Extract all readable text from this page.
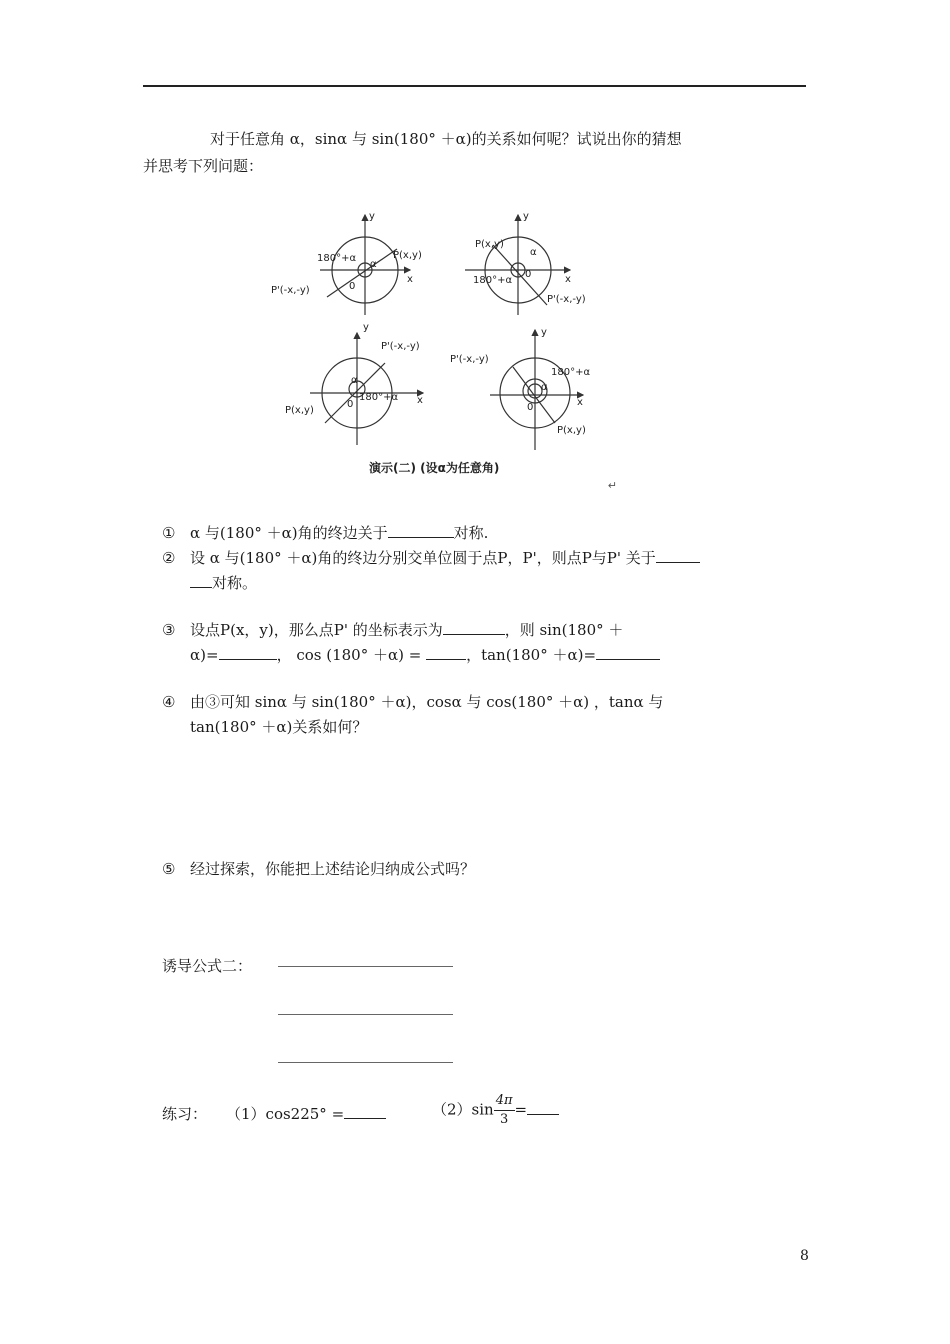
对于任意角 α，sinα 与 sin(180° ＋α)的关系如何呢？试说出你的猜想
并思考下列问题：
y
x
0
180°+α
α
P(x,y)
P'(-x,-y)
y
x
0
180°+α
α
P(x,y)
P'(-x,-y)
y
x
0
180°+α
α
P(x,y)
P'(-x,-y)
y
x
0
180°+α
α
P(x,y)
P'(-x,-y)
演示(二) (设α为任意角)
↵
① α 与(180° ＋α)角的终边关于	对称.
② 设 α 与(180° ＋α)角的终边分别交单位圆于点P，P'，则点P与P' 关于
对称。
③ 设点P(x，y)，那么点P' 的坐标表示为	，则 sin(180° ＋
α)=	， cos (180° ＋α) =	，tan(180° ＋α)=
④ 由③可知 sinα 与 sin(180° ＋α)，cosα 与 cos(180° ＋α) ，tanα 与
tan(180° ＋α)关系如何？
⑤ 经过探索，你能把上述结论归纳成公式吗？
诱导公式二：
练习： （1）cos225° =	$(2)\sin \frac{4\pi}{3}$ =
8
